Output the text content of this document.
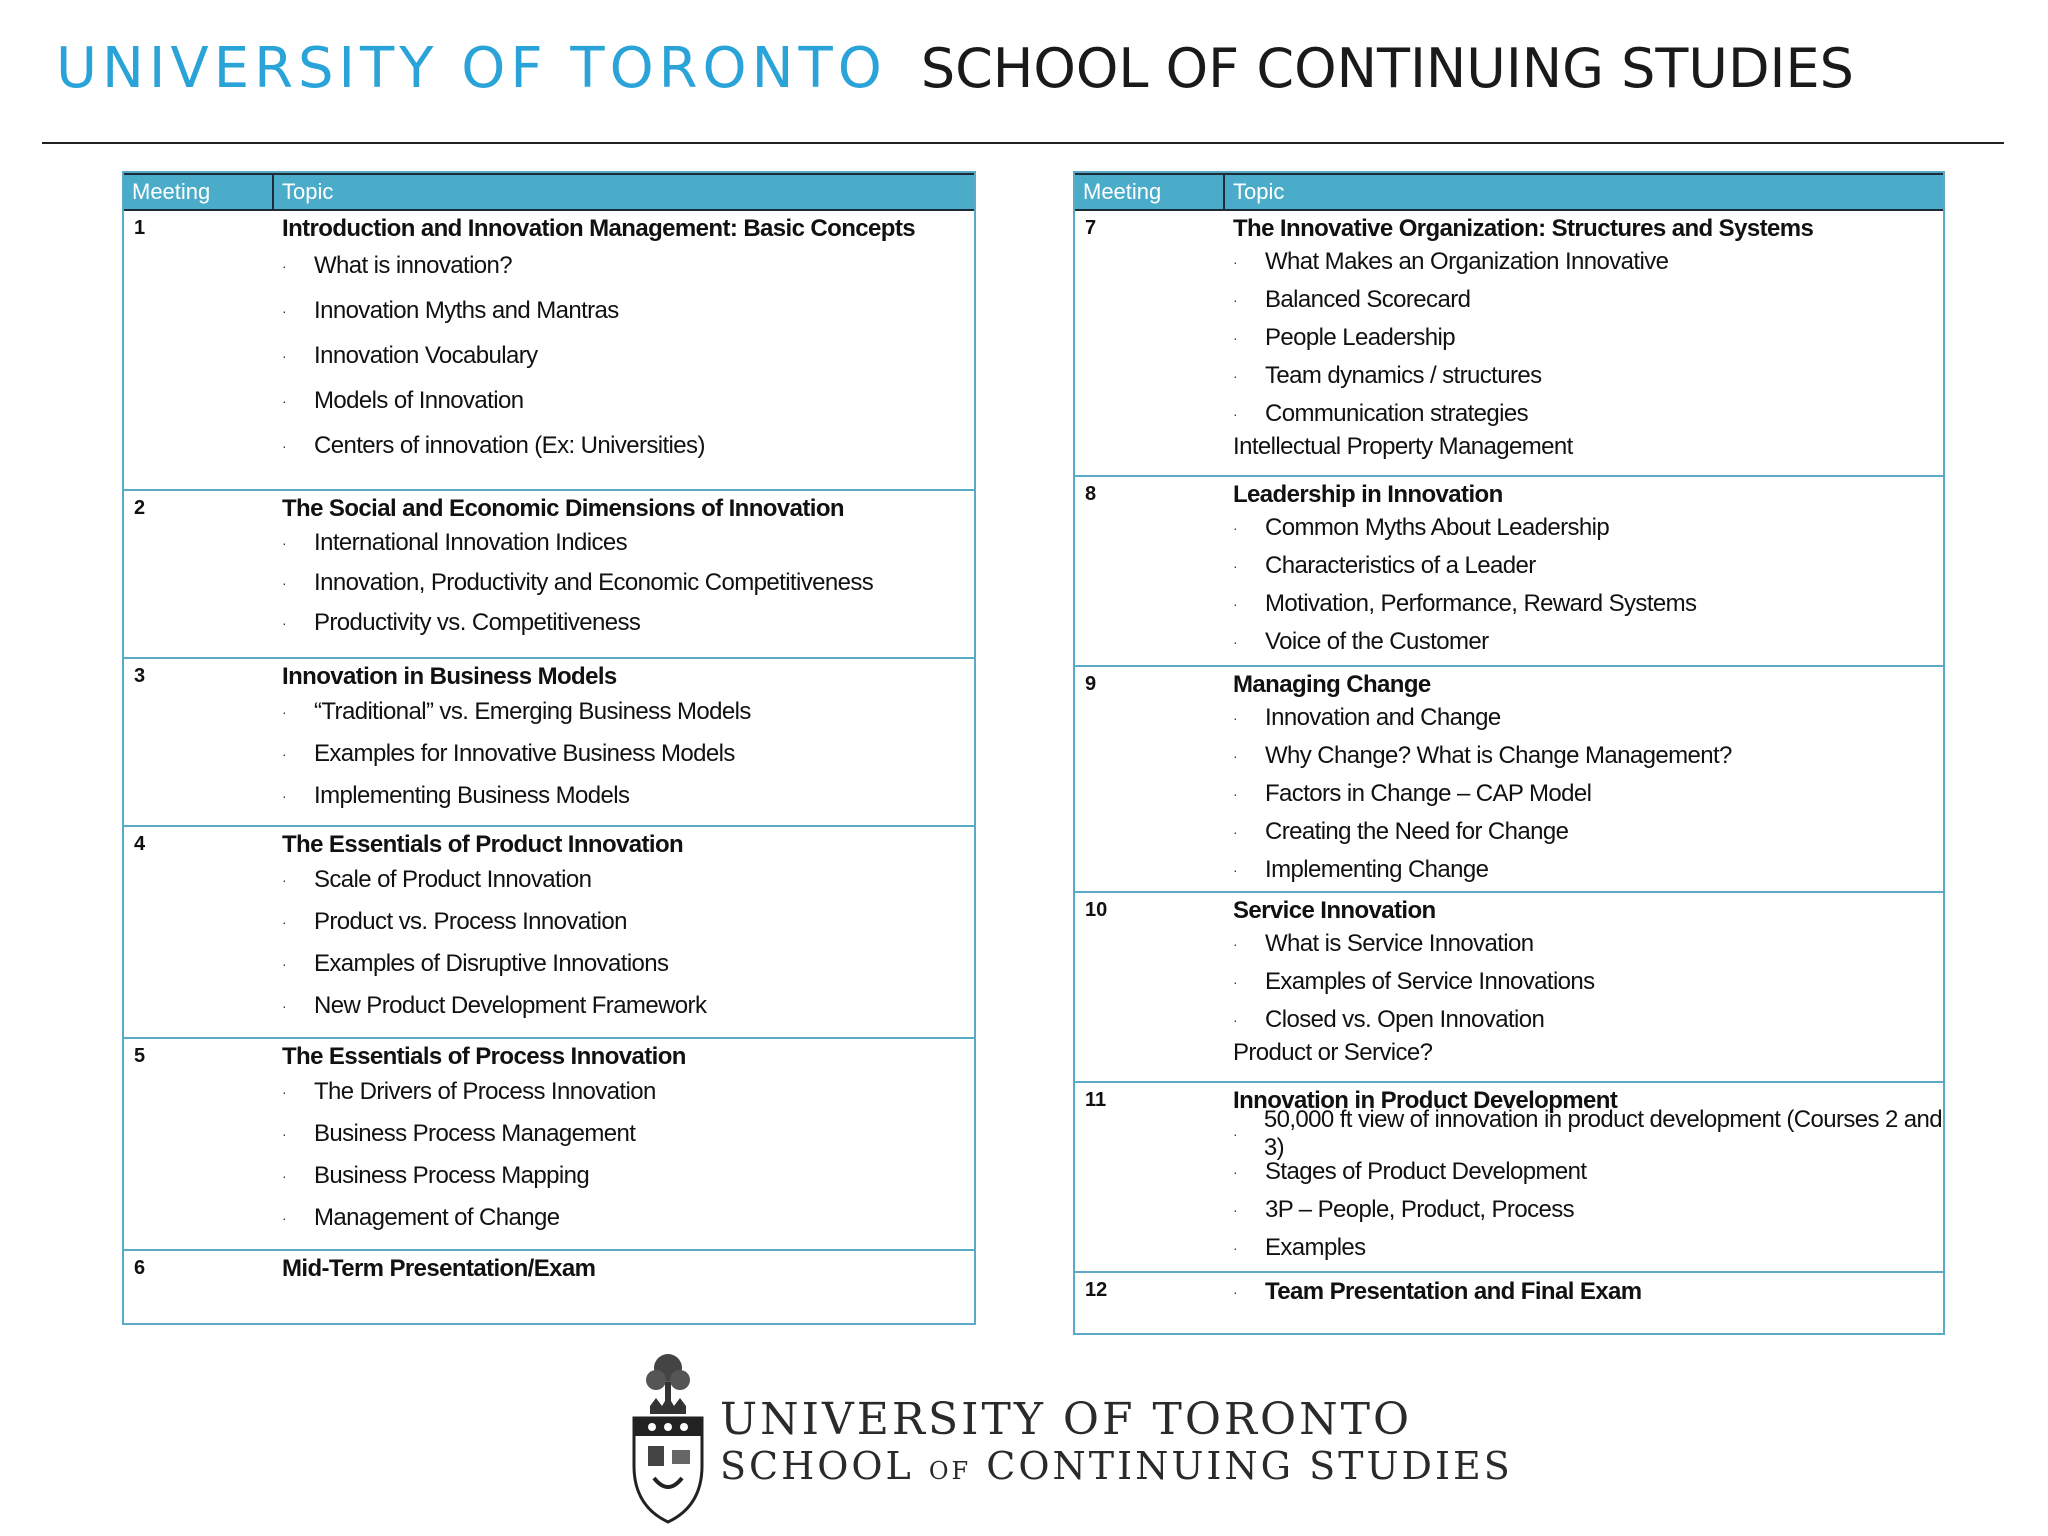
UNIVERSITY OF TORONTO SCHOOL OF CONTINUING STUDIES
Meeting	Topic
1	Introduction and Innovation Management: Basic Concepts
·	What is innovation?
·	Innovation Myths and Mantras
·	Innovation Vocabulary
·	Models of Innovation
·	Centers of innovation (Ex: Universities)
2	The Social and Economic Dimensions of Innovation
·	International Innovation Indices
·	Innovation, Productivity and Economic Competitiveness
·	Productivity vs. Competitiveness
3	Innovation in Business Models
·	“Traditional” vs. Emerging Business Models
·	Examples for Innovative Business Models
·	Implementing Business Models
4	The Essentials of Product Innovation
·	Scale of Product Innovation
·	Product vs. Process Innovation
·	Examples of Disruptive Innovations
·	New Product Development Framework
5	The Essentials of Process Innovation
·	The Drivers of Process Innovation
·	Business Process Management
·	Business Process Mapping
·	Management of Change
6	Mid-Term Presentation/Exam
Meeting	Topic
7	The Innovative Organization: Structures and Systems
·	What Makes an Organization Innovative
·	Balanced Scorecard
·	People Leadership
·	Team dynamics / structures
·	Communication strategies
Intellectual Property Management
8	Leadership in Innovation
·	Common Myths About Leadership
·	Characteristics of a Leader
·	Motivation, Performance, Reward Systems
·	Voice of the Customer
9	Managing Change
·	Innovation and Change
·	Why Change? What is Change Management?
·	Factors in Change – CAP Model
·	Creating the Need for Change
·	Implementing Change
10	Service Innovation
·	What is Service Innovation
·	Examples of Service Innovations
·	Closed vs. Open Innovation
Product or Service?
11	Innovation in Product Development
·
50,000 ft view of innovation in product development (Courses 2 and 3)
·	Stages of Product Development
·	3P – People, Product, Process
·	Examples
12	·	Team Presentation and Final Exam
UNIVERSITY OF TORONTO
SCHOOL OF CONTINUING STUDIES
